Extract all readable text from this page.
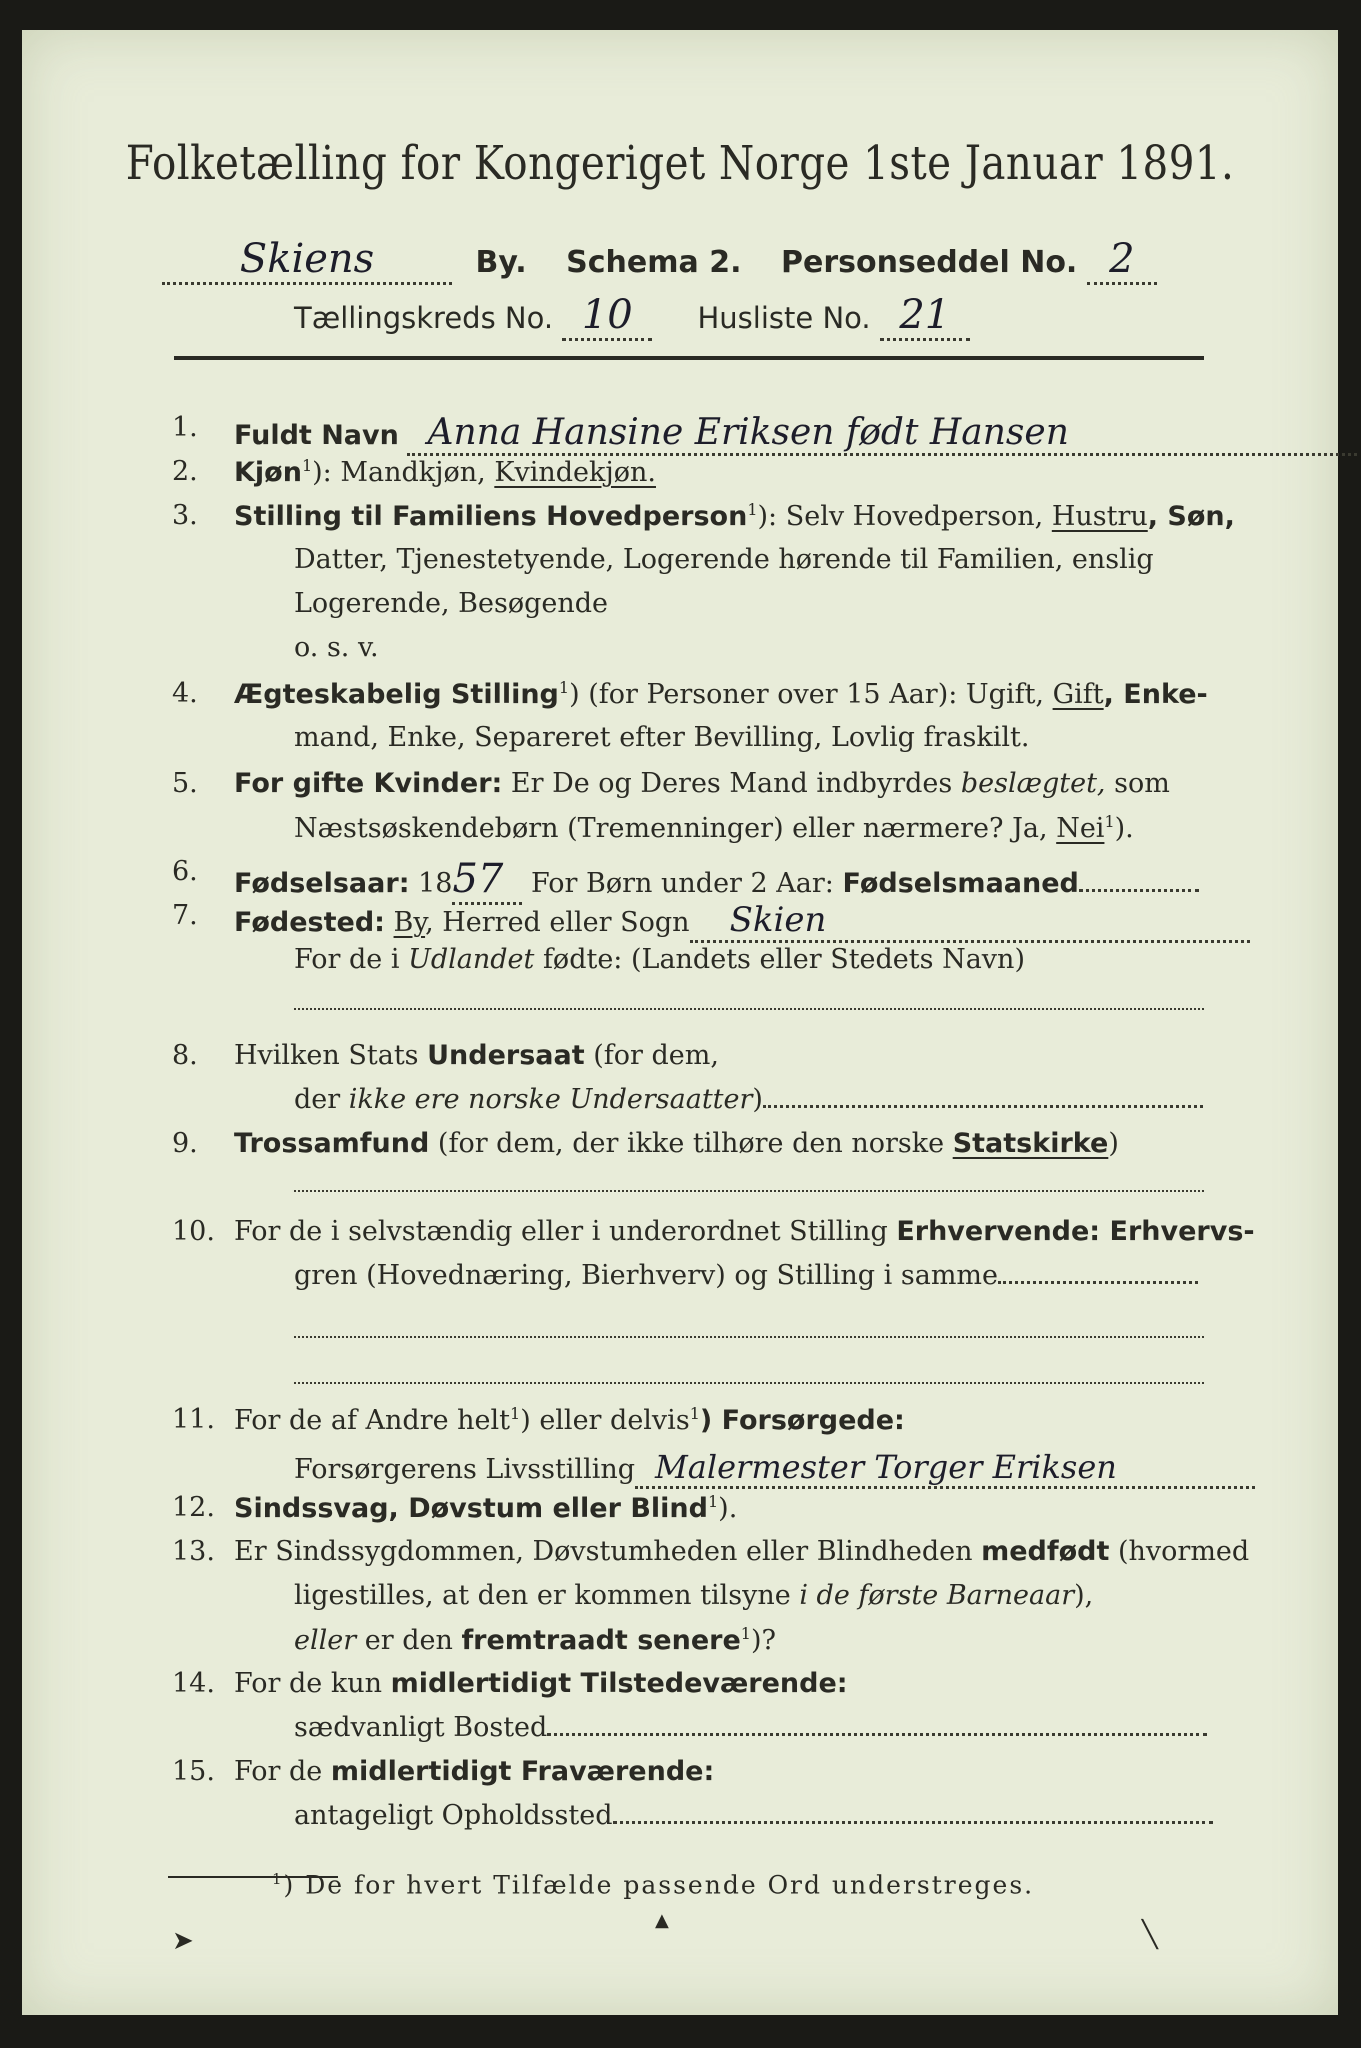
Folketælling for Kongeriget Norge 1ste Januar 1891.
Skiens	By. Schema 2. Personseddel No. 2
Tællingskreds No. 10 Husliste No. 21
1. Fuldt Navn Anna Hansine Eriksen født Hansen
2. Kjøn$^1$): Mandkjøn, Kvindekjøn.
3. Stilling til Familiens Hovedperson$^1$): Selv Hovedperson, Hustru, Søn,
Datter, Tjenestetyende, Logerende hørende til Familien, enslig
Logerende, Besøgende
o. s. v.
4. Ægteskabelig Stilling$^1$) (for Personer over 15 Aar): Ugift, Gift, Enke-
mand, Enke, Separeret efter Bevilling, Lovlig fraskilt.
5. For gifte Kvinder: Er De og Deres Mand indbyrdes beslægtet, som
Næstsøskendebørn (Tremenninger) eller nærmere? Ja, Nei$^1$).
6. Fødselsaar: 1857 For Børn under 2 Aar: Fødselsmaaned
7. Fødested: By, Herred eller Sogn Skien
For de i Udlandet fødte: (Landets eller Stedets Navn)
8. Hvilken Stats Undersaat (for dem,
der ikke ere norske Undersaatter)
9. Trossamfund (for dem, der ikke tilhøre den norske Statskirke)
10. For de i selvstændig eller i underordnet Stilling Erhvervende: Erhvervs-
gren (Hovednæring, Bierhverv) og Stilling i samme
11. For de af Andre helt$^1$) eller delvis$^1$) Forsørgede:
Forsørgerens Livsstilling Malermester Torger Eriksen
12. Sindssvag, Døvstum eller Blind$^1$).
13. Er Sindssygdommen, Døvstumheden eller Blindheden medfødt (hvormed
ligestilles, at den er kommen tilsyne i de første Barneaar),
eller er den fremtraadt senere$^1$)?
14. For de kun midlertidigt Tilstedeværende:
sædvanligt Bosted
15. For de midlertidigt Fraværende:
antageligt Opholdssted
$^1$) De for hvert Tilfælde passende Ord understreges.
➤
▲	╲
